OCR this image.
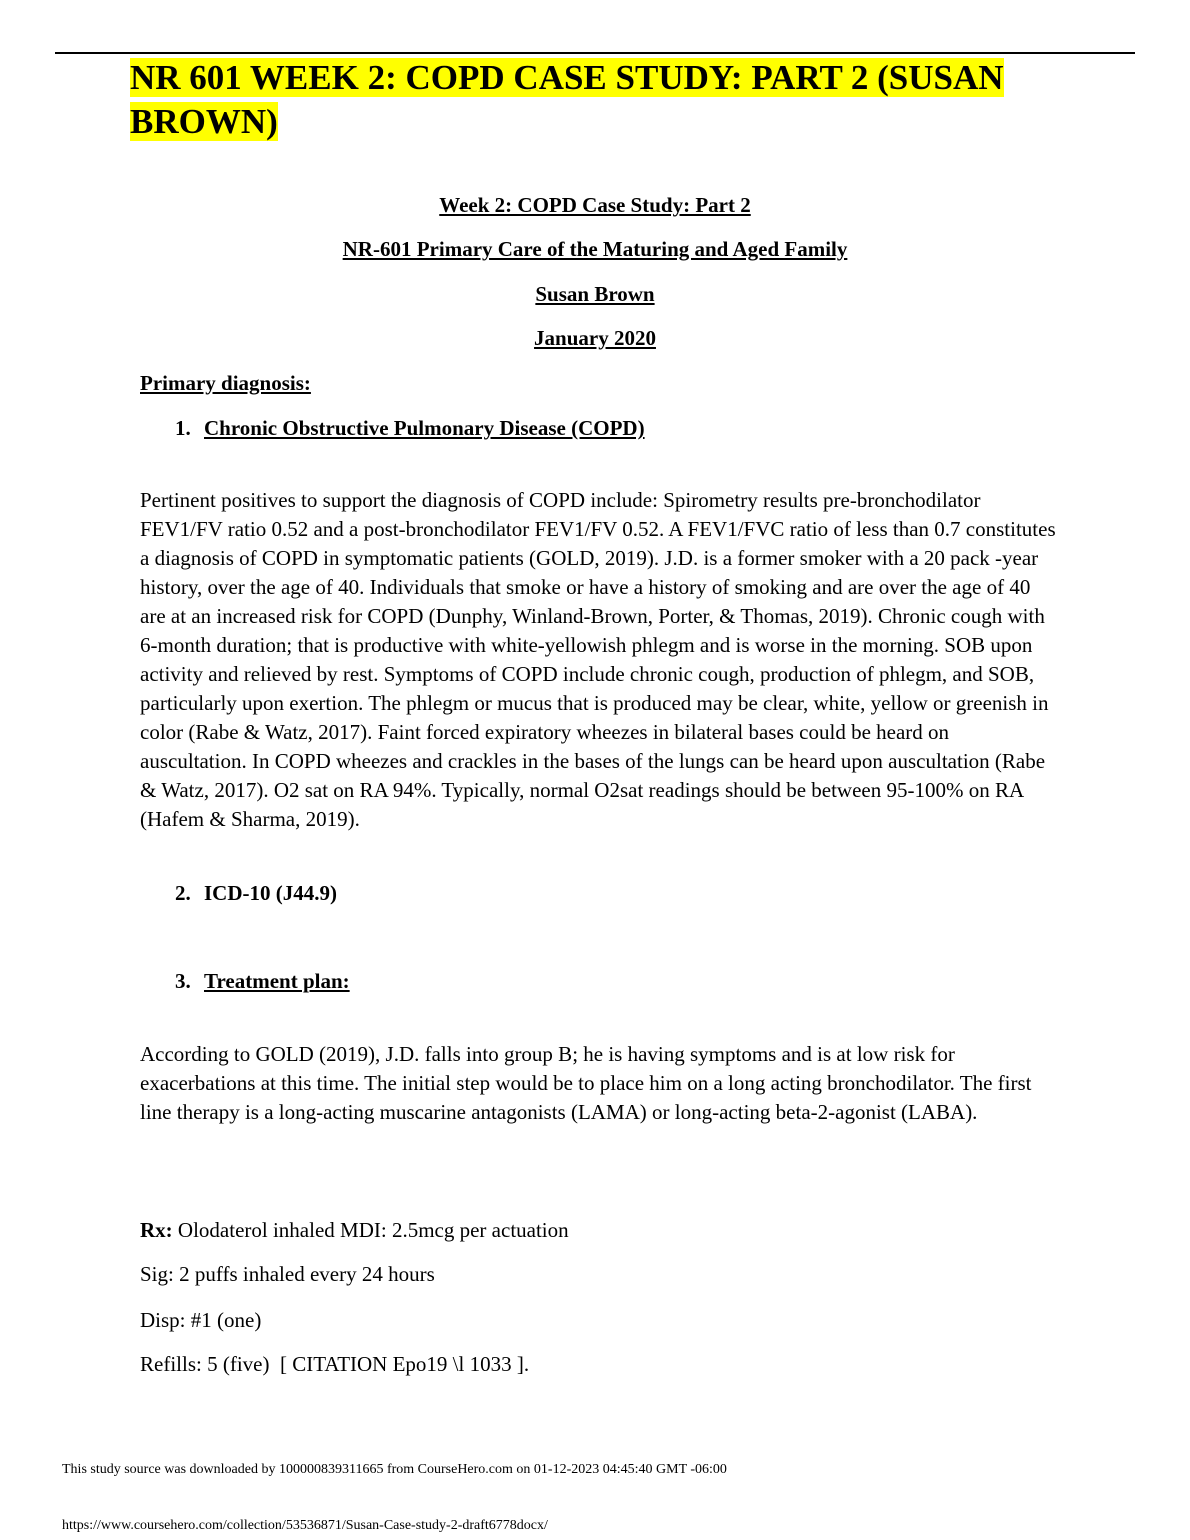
NR 601 WEEK 2: COPD CASE STUDY: PART 2 (SUSAN BROWN)
Week 2: COPD Case Study: Part 2
NR-601 Primary Care of the Maturing and Aged Family
Susan Brown
January 2020
Primary diagnosis:
1. Chronic Obstructive Pulmonary Disease (COPD)

Pertinent positives to support the diagnosis of COPD include: Spirometry results pre-bronchodilator FEV1/FV ratio 0.52 and a post-bronchodilator FEV1/FV 0.52. A FEV1/FVC ratio of less than 0.7 constitutes a diagnosis of COPD in symptomatic patients (GOLD, 2019). J.D. is a former smoker with a 20 pack -year history, over the age of 40. Individuals that smoke or have a history of smoking and are over the age of 40 are at an increased risk for COPD (Dunphy, Winland-Brown, Porter, & Thomas, 2019). Chronic cough with 6-month duration; that is productive with white-yellowish phlegm and is worse in the morning. SOB upon activity and relieved by rest. Symptoms of COPD include chronic cough, production of phlegm, and SOB, particularly upon exertion. The phlegm or mucus that is produced may be clear, white, yellow or greenish in color (Rabe & Watz, 2017). Faint forced expiratory wheezes in bilateral bases could be heard on auscultation. In COPD wheezes and crackles in the bases of the lungs can be heard upon auscultation (Rabe & Watz, 2017). O2 sat on RA 94%. Typically, normal O2sat readings should be between 95-100% on RA (Hafem & Sharma, 2019).

2. ICD-10 (J44.9)
3. Treatment plan:

According to GOLD (2019), J.D. falls into group B; he is having symptoms and is at low risk for exacerbations at this time. The initial step would be to place him on a long acting bronchodilator. The first line therapy is a long-acting muscarine antagonists (LAMA) or long-acting beta-2-agonist (LABA).

Rx: Olodaterol inhaled MDI: 2.5mcg per actuation
Sig: 2 puffs inhaled every 24 hours
Disp: #1 (one)
Refills: 5 (five)  [ CITATION Epo19 \l 1033 ].
This study source was downloaded by 100000839311665 from CourseHero.com on 01-12-2023 04:45:40 GMT -06:00
https://www.coursehero.com/collection/53536871/Susan-Case-study-2-draft6778docx/
